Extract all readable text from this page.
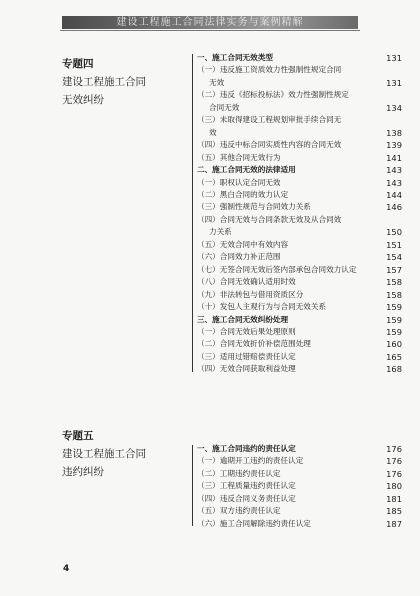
建设工程施工合同法律实务与案例精解
专题四
建设工程施工合同
无效纠纷
一、施工合同无效类型	131
（一）违反施工资质效力性强制性规定合同
无效	131
（二）违反《招标投标法》效力性强制性规定
合同无效	134
（三）未取得建设工程规划审批手续合同无
效	138
（四）违反中标合同实质性内容的合同无效	139
（五）其他合同无效行为	141
二、施工合同无效的法律适用	143
（一）职权认定合同无效	143
（二）黑白合同的效力认定	144
（三）强制性规范与合同效力关系	146
（四）合同无效与合同条款无效及从合同效
力关系	150
（五）无效合同中有效内容	151
（六）合同效力补正范围	154
（七）无签合同无效后签内部承包合同效力认定	157
（八）合同无效确认适用时效	158
（九）非法转包与借用资质区分	158
（十）发包人主观行为与合同无效关系	159
三、施工合同无效纠纷处理	159
（一）合同无效后果处理原则	159
（二）合同无效折价补偿范围处理	160
（三）适用过错赔偿责任认定	165
（四）无效合同获取利益处理	168
专题五
建设工程施工合同
违约纠纷
一、施工合同违约的责任认定	176
（一）逾期开工违约的责任认定	176
（二）工期违约责任认定	176
（三）工程质量违约责任认定	180
（四）违反合同义务责任认定	181
（五）双方违约责任认定	185
（六）施工合同解除违约责任认定	187
4
